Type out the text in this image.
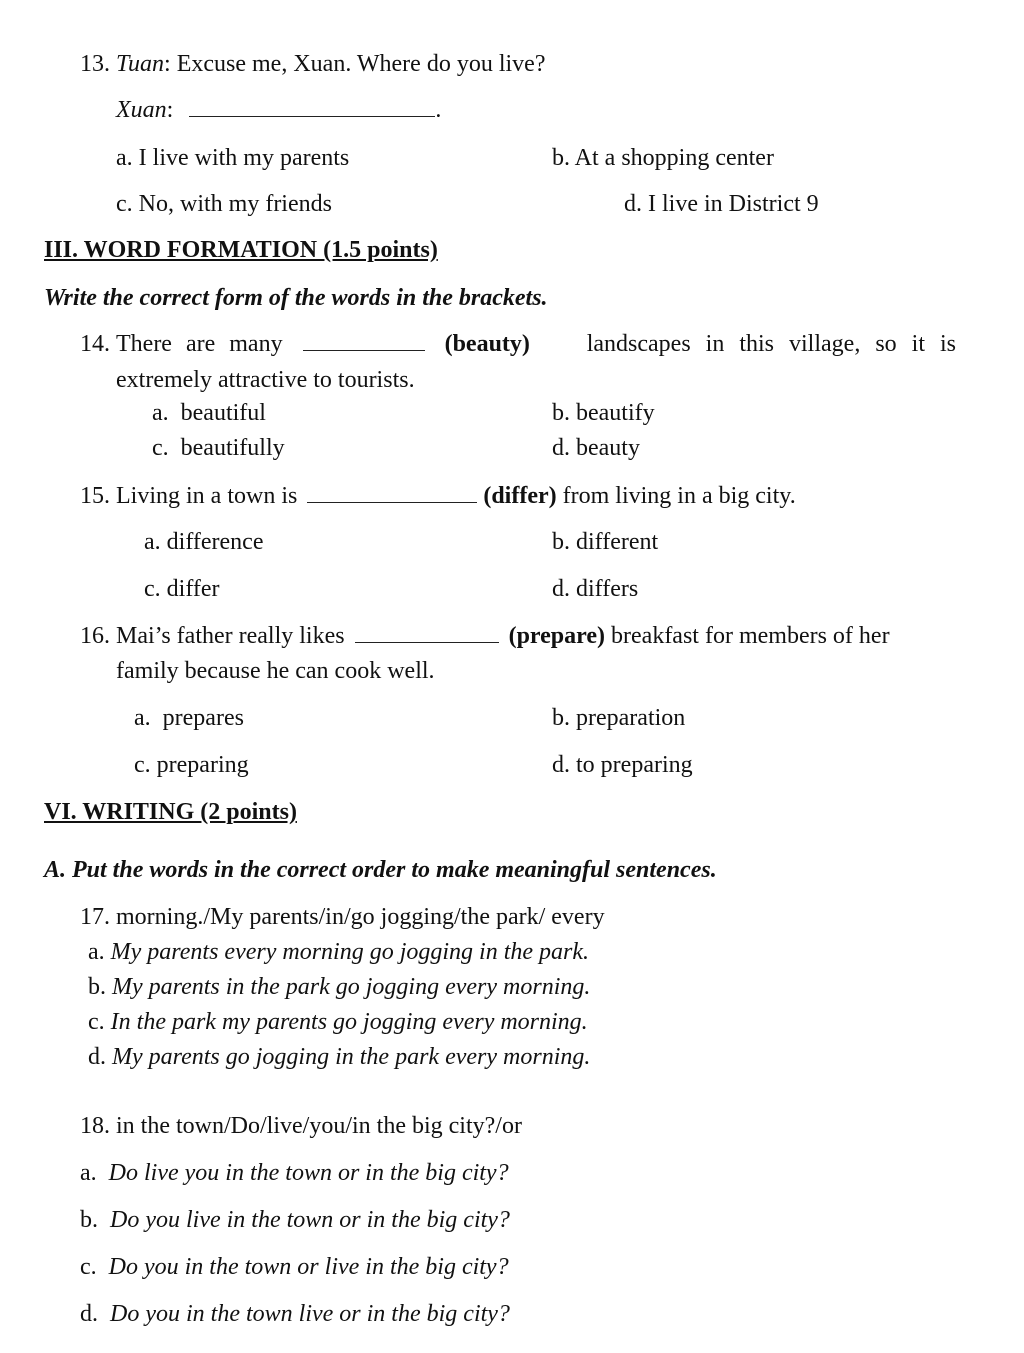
13. Tuan: Excuse me, Xuan. Where do you live?
Xuan:	.
a. I live with my parents	b. At a shopping center
c. No, with my friends	d. I live in District 9
III. WORD FORMATION (1.5 points)
Write the correct form of the words in the brackets.
14. There are many	(beauty) landscapes in this village, so it is
extremely attractive to tourists.
a. beautiful	b. beautify
c. beautifully	d. beauty
15. Living in a town is	(differ) from living in a big city.
a. difference	b. different
c. differ	d. differs
16. Mai’s father really likes	(prepare) breakfast for members of her
family because he can cook well.
a. prepares	b. preparation
c. preparing	d. to preparing
VI. WRITING (2 points)
A. Put the words in the correct order to make meaningful sentences.
17. morning./My parents/in/go jogging/the park/ every
a. My parents every morning go jogging in the park.
b. My parents in the park go jogging every morning.
c. In the park my parents go jogging every morning.
d. My parents go jogging in the park every morning.
18. in the town/Do/live/you/in the big city?/or
a. Do live you in the town or in the big city?
b. Do you live in the town or in the big city?
c. Do you in the town or live in the big city?
d. Do you in the town live or in the big city?
